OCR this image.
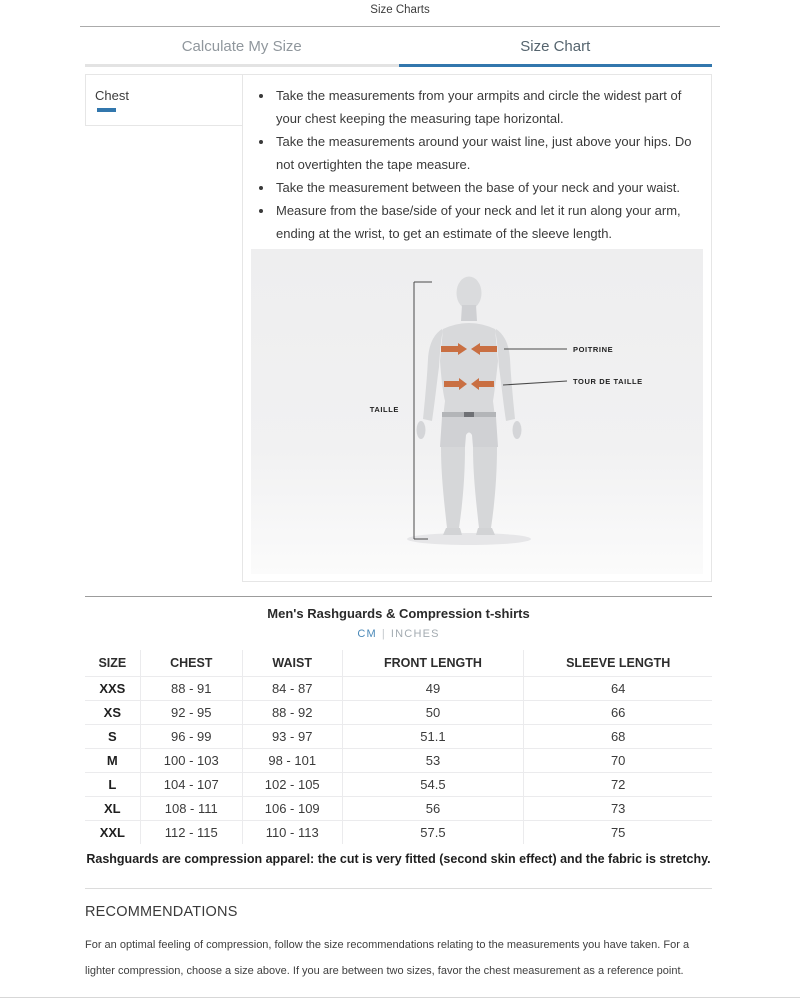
Size Charts
Calculate My Size	Size Chart
Chest	• Take the measurements from your armpits and circle the widest part of your chest keeping the measuring tape horizontal.
• Take the measurements around your waist line, just above your hips. Do not overtighten the tape measure.
• Take the measurement between the base of your neck and your waist.
• Measure from the base/side of your neck and let it run along your arm, ending at the wrist, to get an estimate of the sleeve length.
POITRINE
TOUR DE TAILLE
TAILLE
Men's Rashguards & Compression t-shirts
CM | INCHES
SIZE	CHEST	WAIST	FRONT LENGTH	SLEEVE LENGTH
XXS	88 - 91	84 - 87	49	64
XS	92 - 95	88 - 92	50	66
S	96 - 99	93 - 97	51.1	68
M	100 - 103	98 - 101	53	70
L	104 - 107	102 - 105	54.5	72
XL	108 - 111	106 - 109	56	73
XXL	112 - 115	110 - 113	57.5	75
Rashguards are compression apparel: the cut is very fitted (second skin effect) and the fabric is stretchy.
RECOMMENDATIONS
For an optimal feeling of compression, follow the size recommendations relating to the measurements you have taken. For a lighter compression, choose a size above. If you are between two sizes, favor the chest measurement as a reference point.
